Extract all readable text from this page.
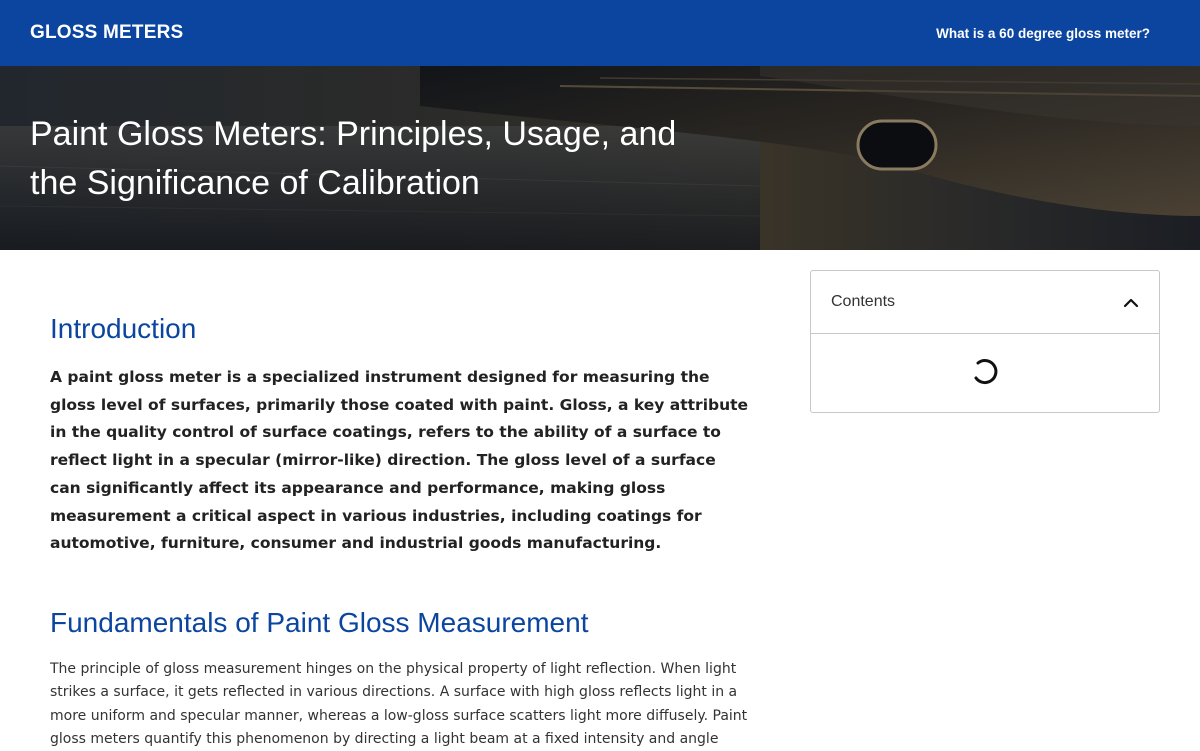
GLOSS METERS	What is a 60 degree gloss meter?
Paint Gloss Meters: Principles, Usage, and the Significance of Calibration
Introduction

A paint gloss meter is a specialized instrument designed for measuring the gloss level of surfaces, primarily those coated with paint. Gloss, a key attribute in the quality control of surface coatings, refers to the ability of a surface to reflect light in a specular (mirror-like) direction. The gloss level of a surface can significantly affect its appearance and performance, making gloss measurement a critical aspect in various industries, including coatings for automotive, furniture, consumer and industrial goods manufacturing.

Fundamentals of Paint Gloss Measurement

The principle of gloss measurement hinges on the physical property of light reflection. When light strikes a surface, it gets reflected in various directions. A surface with high gloss reflects light in a more uniform and specular manner, whereas a low-gloss surface scatters light more diffusely. Paint gloss meters quantify this phenomenon by directing a light beam at a fixed intensity and angle

Contents
